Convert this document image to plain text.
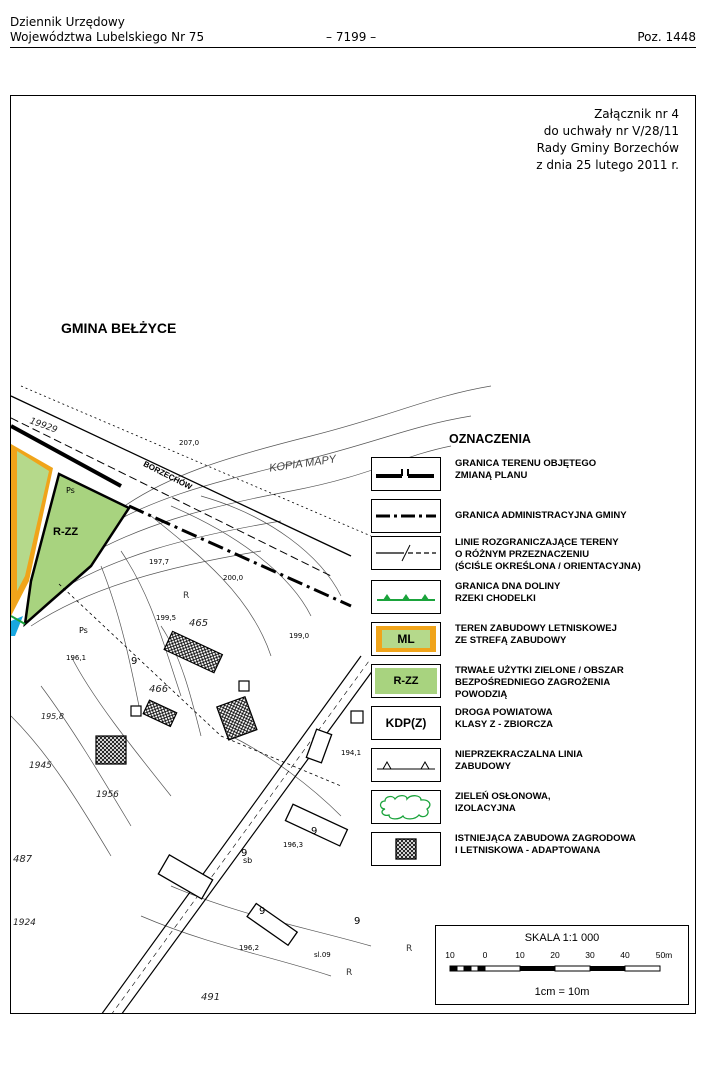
Dziennik Urzędowy
Województwa Lubelskiego Nr 75	– 7199 –	Poz. 1448
GMINA BEŁŻYCE
BORZECHÓW
R-ZZ
KOPIA MAPY
R
R
R
465
466
487
491
1924
1945
1956
195,8
19929
9
9
9
9
9
Ps
Ps
199,5
199,0
196,1
196,3
196,2
197,7
194,1
200,0
207,0
sb
sl.09
Załącznik nr 4
do uchwały nr V/28/11
Rady Gminy Borzechów
z dnia 25 lutego 2011 r.
OZNACZENIA
GRANICA TERENU OBJĘTEGO
ZMIANĄ PLANU
GRANICA ADMINISTRACYJNA GMINY
LINIE ROZGRANICZAJĄCE TERENY
O RÓŻNYM PRZEZNACZENIU
(ŚCIŚLE OKREŚLONA / ORIENTACYJNA)
GRANICA DNA DOLINY
RZEKI CHODELKI
ML
TEREN ZABUDOWY LETNISKOWEJ
ZE STREFĄ ZABUDOWY
R-ZZ
TRWAŁE UŻYTKI ZIELONE / OBSZAR
BEZPOŚREDNIEGO ZAGROŻENIA
POWODZIĄ
KDP(Z)
DROGA POWIATOWA
KLASY Z - ZBIORCZA
NIEPRZEKRACZALNA LINIA
ZABUDOWY
ZIELEŃ OSŁONOWA,
IZOLACYJNA
ISTNIEJĄCA ZABUDOWA ZAGRODOWA
I LETNISKOWA - ADAPTOWANA
SKALA 1:1 000
10	0	10	20	30	40	50m
1cm = 10m
